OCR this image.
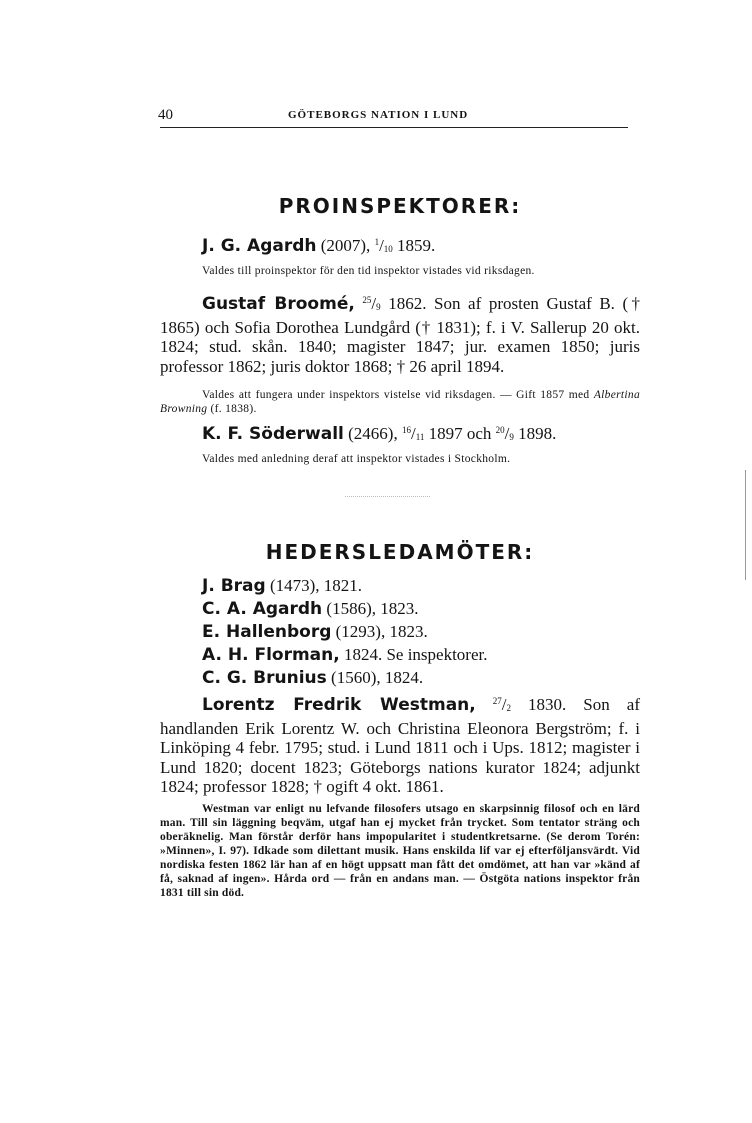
40	GÖTEBORGS NATION I LUND
PROINSPEKTORER:
J. G. Agardh (2007), $^1$/10 1859.

Valdes till proinspektor för den tid inspektor vistades vid riksdagen.

Gustaf Broomé, $^{25}$/9 1862. Son af prosten Gustaf B. († 1865) och Sofia Dorothea Lundgård († 1831); f. i V. Sallerup 20 okt. 1824; stud. skån. 1840; magister 1847; jur. examen 1850; juris professor 1862; juris doktor 1868; † 26 april 1894.

Valdes att fungera under inspektors vistelse vid riksdagen. — Gift 1857 med Albertina Browning (f. 1838).

K. F. Söderwall (2466), $^{16}$/11 1897 och $^{20}$/9 1898.

Valdes med anledning deraf att inspektor vistades i Stockholm.

HEDERSLEDAMÖTER:
J. Brag (1473), 1821.
C. A. Agardh (1586), 1823.
E. Hallenborg (1293), 1823.
A. H. Florman, 1824. Se inspektorer.
C. G. Brunius (1560), 1824.

Lorentz Fredrik Westman, $^{27}$/2 1830. Son af handlanden Erik Lorentz W. och Christina Eleonora Bergström; f. i Linköping 4 febr. 1795; stud. i Lund 1811 och i Ups. 1812; magister i Lund 1820; docent 1823; Göteborgs nations kurator 1824; adjunkt 1824; professor 1828; † ogift 4 okt. 1861.

Westman var enligt nu lefvande filosofers utsago en skarpsinnig filosof och en lärd man. Till sin läggning beqväm, utgaf han ej mycket från trycket. Som tentator sträng och oberäknelig. Man förstår derför hans impopularitet i studentkretsarne. (Se derom Torén: »Minnen», I. 97). Idkade som dilettant musik. Hans enskilda lif var ej efterföljansvärdt. Vid nordiska festen 1862 lär han af en högt uppsatt man fått det omdömet, att han var »känd af få, saknad af ingen». Hårda ord — från en andans man. — Östgöta nations inspektor från 1831 till sin död.
